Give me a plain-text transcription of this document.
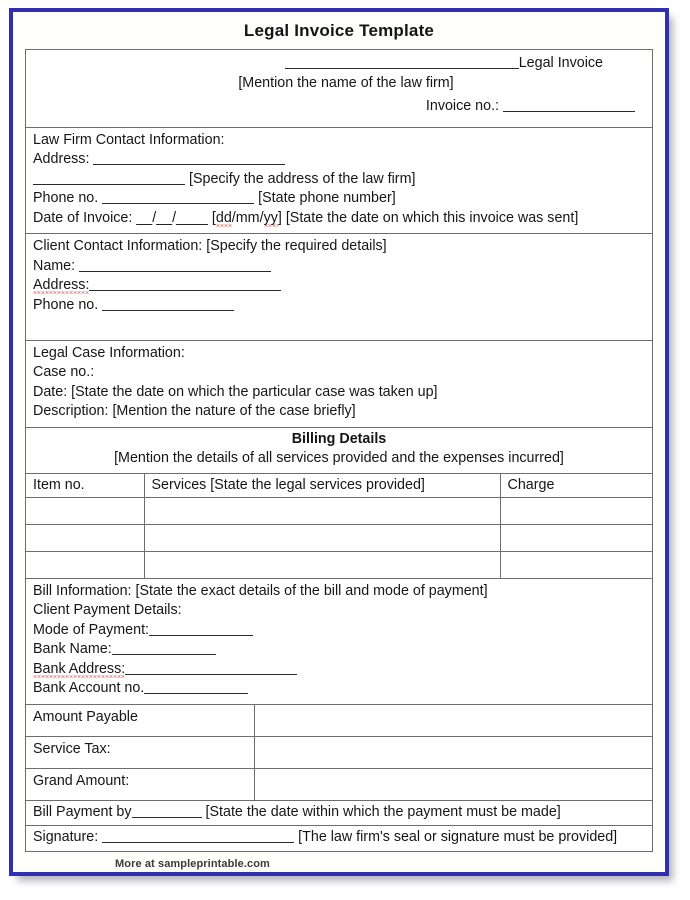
Legal Invoice Template
Legal Invoice
[Mention the name of the law firm]
Invoice no.:
Law Firm Contact Information:
Address:
[Specify the address of the law firm]
Phone no.	[State phone number]
Date of Invoice: __/__/____ [dd/mm/yy] [State the date on which this invoice was sent]
Client Contact Information: [Specify the required details]
Name:
Address:
Phone no.

Legal Case Information:
Case no.:
Date: [State the date on which the particular case was taken up]
Description: [Mention the nature of the case briefly]
Billing Details
[Mention the details of all services provided and the expenses incurred]
Item no.	Services [State the legal services provided]	Charge

Bill Information: [State the exact details of the bill and mode of payment]
Client Payment Details:
Mode of Payment:
Bank Name:
Bank Address:
Bank Account no.
Amount Payable	
Service Tax:	
Grand Amount:	
Bill Payment by	[State the date within which the payment must be made]
Signature:	[The law firm's seal or signature must be provided]
More at sampleprintable.com
